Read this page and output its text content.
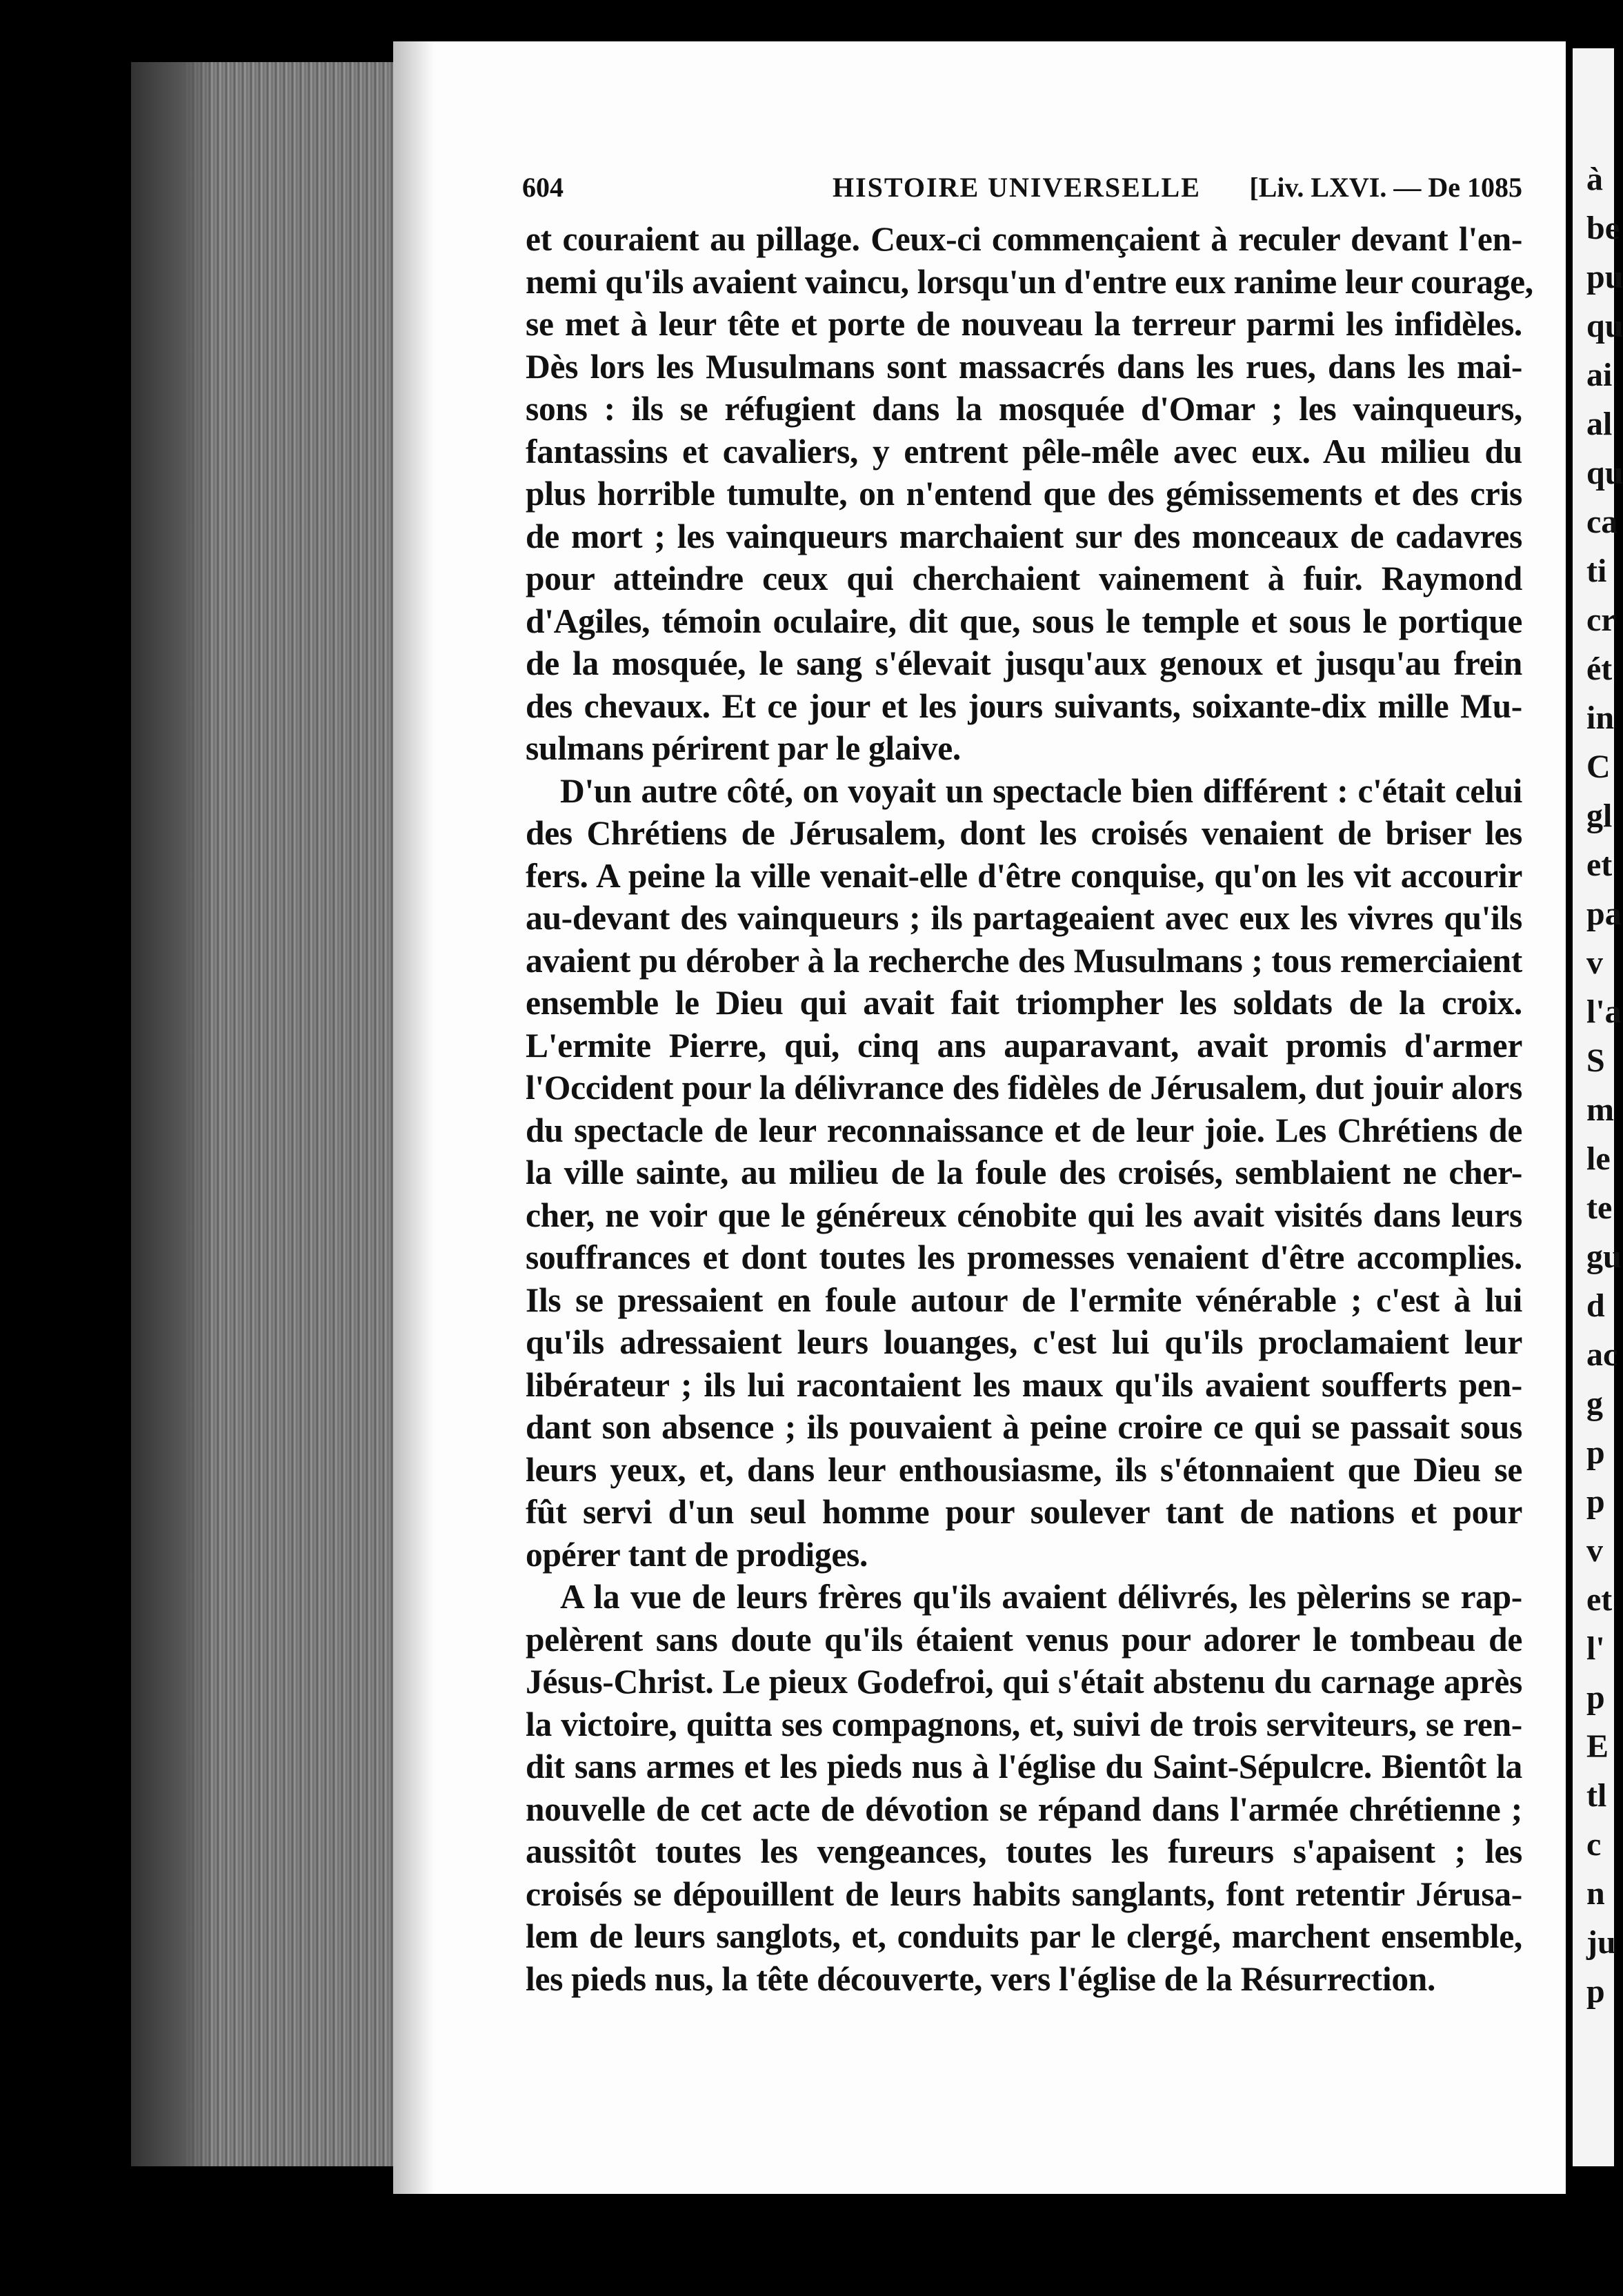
604	HISTOIRE UNIVERSELLE [Liv. LXVI. — De 1085
et couraient au pillage. Ceux-ci commençaient à reculer devant l'en-
nemi qu'ils avaient vaincu, lorsqu'un d'entre eux ranime leur courage,
se met à leur tête et porte de nouveau la terreur parmi les infidèles.
Dès lors les Musulmans sont massacrés dans les rues, dans les mai-
sons : ils se réfugient dans la mosquée d'Omar ; les vainqueurs,
fantassins et cavaliers, y entrent pêle-mêle avec eux. Au milieu du
plus horrible tumulte, on n'entend que des gémissements et des cris
de mort ; les vainqueurs marchaient sur des monceaux de cadavres
pour atteindre ceux qui cherchaient vainement à fuir. Raymond
d'Agiles, témoin oculaire, dit que, sous le temple et sous le portique
de la mosquée, le sang s'élevait jusqu'aux genoux et jusqu'au frein
des chevaux. Et ce jour et les jours suivants, soixante-dix mille Mu-
sulmans périrent par le glaive.
D'un autre côté, on voyait un spectacle bien différent : c'était celui
des Chrétiens de Jérusalem, dont les croisés venaient de briser les
fers. A peine la ville venait-elle d'être conquise, qu'on les vit accourir
au-devant des vainqueurs ; ils partageaient avec eux les vivres qu'ils
avaient pu dérober à la recherche des Musulmans ; tous remerciaient
ensemble le Dieu qui avait fait triompher les soldats de la croix.
L'ermite Pierre, qui, cinq ans auparavant, avait promis d'armer
l'Occident pour la délivrance des fidèles de Jérusalem, dut jouir alors
du spectacle de leur reconnaissance et de leur joie. Les Chrétiens de
la ville sainte, au milieu de la foule des croisés, semblaient ne cher-
cher, ne voir que le généreux cénobite qui les avait visités dans leurs
souffrances et dont toutes les promesses venaient d'être accomplies.
Ils se pressaient en foule autour de l'ermite vénérable ; c'est à lui
qu'ils adressaient leurs louanges, c'est lui qu'ils proclamaient leur
libérateur ; ils lui racontaient les maux qu'ils avaient soufferts pen-
dant son absence ; ils pouvaient à peine croire ce qui se passait sous
leurs yeux, et, dans leur enthousiasme, ils s'étonnaient que Dieu se
fût servi d'un seul homme pour soulever tant de nations et pour
opérer tant de prodiges.
A la vue de leurs frères qu'ils avaient délivrés, les pèlerins se rap-
pelèrent sans doute qu'ils étaient venus pour adorer le tombeau de
Jésus-Christ. Le pieux Godefroi, qui s'était abstenu du carnage après
la victoire, quitta ses compagnons, et, suivi de trois serviteurs, se ren-
dit sans armes et les pieds nus à l'église du Saint-Sépulcre. Bientôt la
nouvelle de cet acte de dévotion se répand dans l'armée chrétienne ;
aussitôt toutes les vengeances, toutes les fureurs s'apaisent ; les
croisés se dépouillent de leurs habits sanglants, font retentir Jérusa-
lem de leurs sanglots, et, conduits par le clergé, marchent ensemble,
les pieds nus, la tête découverte, vers l'église de la Résurrection.
à
be
pu
qu
ai
al
qu
ca
ti
cr
ét
in
C
gl
et
pa
v
l'a
S
m
le
te
gu
d
ac
g
p
p
v
et
l'
p
E
tl
c
n
ju
p
